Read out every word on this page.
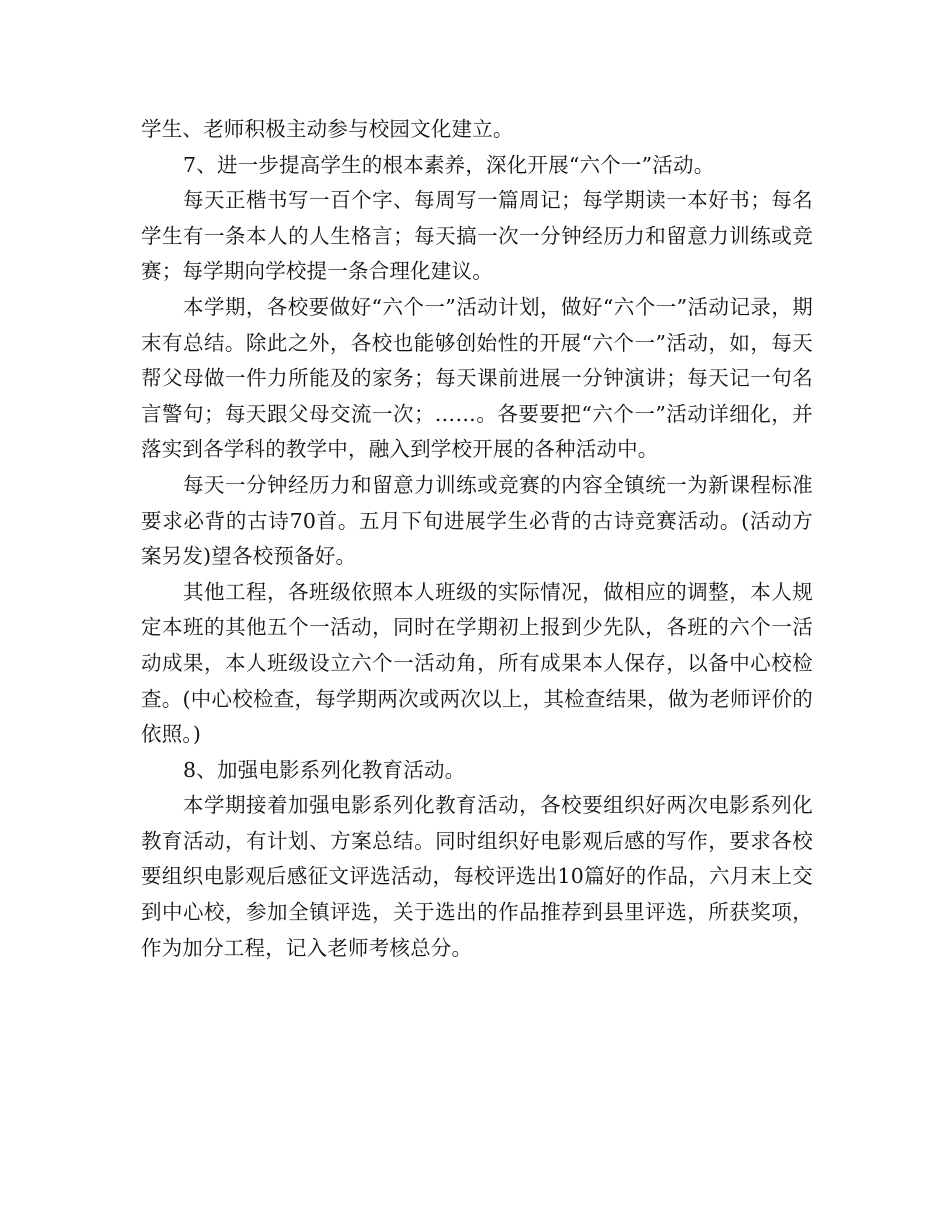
学生、老师积极主动参与校园文化建立。

7、进一步提高学生的根本素养，深化开展“六个一”活动。

每天正楷书写一百个字、每周写一篇周记；每学期读一本好书；每名学生有一条本人的人生格言；每天搞一次一分钟经历力和留意力训练或竞赛；每学期向学校提一条合理化建议。

本学期，各校要做好“六个一”活动计划，做好“六个一”活动记录，期末有总结。除此之外，各校也能够创始性的开展“六个一”活动，如，每天帮父母做一件力所能及的家务；每天课前进展一分钟演讲；每天记一句名言警句；每天跟父母交流一次；……。各要要把“六个一”活动详细化，并落实到各学科的教学中，融入到学校开展的各种活动中。

每天一分钟经历力和留意力训练或竞赛的内容全镇统一为新课程标准要求必背的古诗70首。五月下旬进展学生必背的古诗竞赛活动。(活动方案另发)望各校预备好。

其他工程，各班级依照本人班级的实际情况，做相应的调整，本人规定本班的其他五个一活动，同时在学期初上报到少先队，各班的六个一活动成果，本人班级设立六个一活动角，所有成果本人保存，以备中心校检查。(中心校检查，每学期两次或两次以上，其检查结果，做为老师评价的依照。)

8、加强电影系列化教育活动。

本学期接着加强电影系列化教育活动，各校要组织好两次电影系列化教育活动，有计划、方案总结。同时组织好电影观后感的写作，要求各校要组织电影观后感征文评选活动，每校评选出10篇好的作品，六月末上交到中心校，参加全镇评选，关于选出的作品推荐到县里评选，所获奖项，作为加分工程，记入老师考核总分。
